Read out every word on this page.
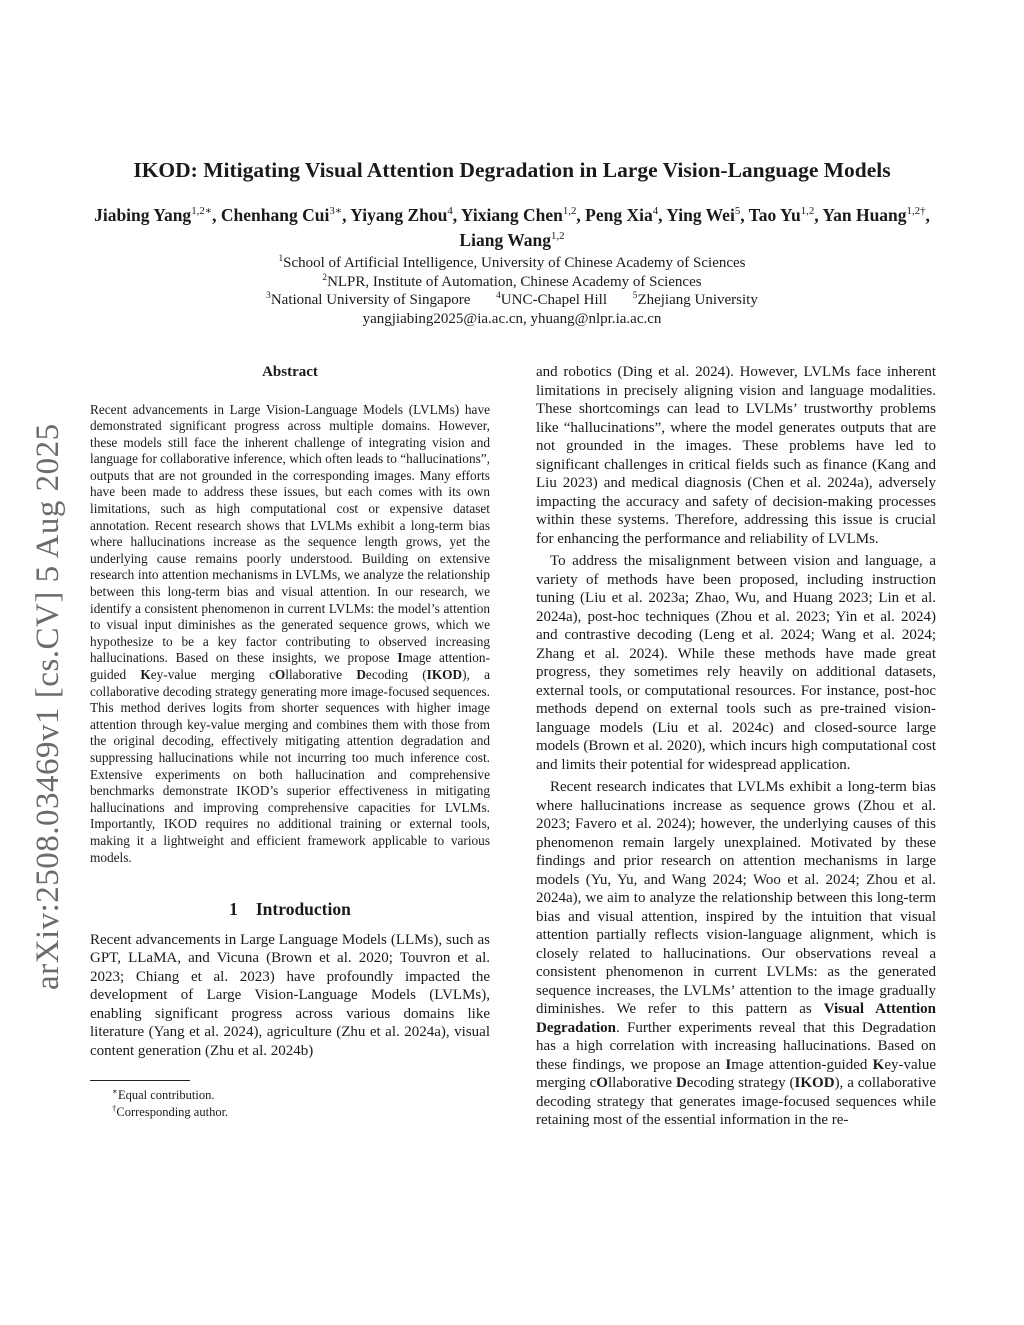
arXiv:2508.03469v1 [cs.CV] 5 Aug 2025
IKOD: Mitigating Visual Attention Degradation in Large Vision-Language Models
Jiabing Yang$^{1,2∗}$, Chenhang Cui$^{3∗}$, Yiyang Zhou$^4$, Yixiang Chen$^{1,2}$, Peng Xia$^4$, Ying Wei$^5$, Tao Yu$^{1,2}$, Yan Huang$^{1,2\dagger}$, Liang Wang$^{1,2}$
$^1$School of Artificial Intelligence, University of Chinese Academy of Sciences
$^2$NLPR, Institute of Automation, Chinese Academy of Sciences
$^3$National University of Singapore	$^4$UNC-Chapel Hill	$^5$Zhejiang University
yangjiabing2025@ia.ac.cn, yhuang@nlpr.ia.ac.cn
Abstract

Recent advancements in Large Vision-Language Models (LVLMs) have demonstrated significant progress across multiple domains. However, these models still face the inherent challenge of integrating vision and language for collaborative inference, which often leads to “hallucinations”, outputs that are not grounded in the corresponding images. Many efforts have been made to address these issues, but each comes with its own limitations, such as high computational cost or expensive dataset annotation. Recent research shows that LVLMs exhibit a long-term bias where hallucinations increase as the sequence length grows, yet the underlying cause remains poorly understood. Building on extensive research into attention mechanisms in LVLMs, we analyze the relationship between this long-term bias and visual attention. In our research, we identify a consistent phenomenon in current LVLMs: the model’s attention to visual input diminishes as the generated sequence grows, which we hypothesize to be a key factor contributing to observed increasing hallucinations. Based on these insights, we propose Image attention-guided Key-value merging cOllaborative Decoding (IKOD), a collaborative decoding strategy generating more image-focused sequences. This method derives logits from shorter sequences with higher image attention through key-value merging and combines them with those from the original decoding, effectively mitigating attention degradation and suppressing hallucinations while not incurring too much inference cost. Extensive experiments on both hallucination and comprehensive benchmarks demonstrate IKOD’s superior effectiveness in mitigating hallucinations and improving comprehensive capacities for LVLMs. Importantly, IKOD requires no additional training or external tools, making it a lightweight and efficient framework applicable to various models.

1 Introduction

Recent advancements in Large Language Models (LLMs), such as GPT, LLaMA, and Vicuna (Brown et al. 2020; Touvron et al. 2023; Chiang et al. 2023) have profoundly impacted the development of Large Vision-Language Models (LVLMs), enabling significant progress across various domains like literature (Yang et al. 2024), agriculture (Zhu et al. 2024a), visual content generation (Zhu et al. 2024b)

∗Equal contribution.
†Corresponding author.

and robotics (Ding et al. 2024). However, LVLMs face inherent limitations in precisely aligning vision and language modalities. These shortcomings can lead to LVLMs’ trustworthy problems like “hallucinations”, where the model generates outputs that are not grounded in the images. These problems have led to significant challenges in critical fields such as finance (Kang and Liu 2023) and medical diagnosis (Chen et al. 2024a), adversely impacting the accuracy and safety of decision-making processes within these systems. Therefore, addressing this issue is crucial for enhancing the performance and reliability of LVLMs.

To address the misalignment between vision and language, a variety of methods have been proposed, including instruction tuning (Liu et al. 2023a; Zhao, Wu, and Huang 2023; Lin et al. 2024a), post-hoc techniques (Zhou et al. 2023; Yin et al. 2024) and contrastive decoding (Leng et al. 2024; Wang et al. 2024; Zhang et al. 2024). While these methods have made great progress, they sometimes rely heavily on additional datasets, external tools, or computational resources. For instance, post-hoc methods depend on external tools such as pre-trained vision-language models (Liu et al. 2024c) and closed-source large models (Brown et al. 2020), which incurs high computational cost and limits their potential for widespread application.

Recent research indicates that LVLMs exhibit a long-term bias where hallucinations increase as sequence grows (Zhou et al. 2023; Favero et al. 2024); however, the underlying causes of this phenomenon remain largely unexplained. Motivated by these findings and prior research on attention mechanisms in large models (Yu, Yu, and Wang 2024; Woo et al. 2024; Zhou et al. 2024a), we aim to analyze the relationship between this long-term bias and visual attention, inspired by the intuition that visual attention partially reflects vision-language alignment, which is closely related to hallucinations. Our observations reveal a consistent phenomenon in current LVLMs: as the generated sequence increases, the LVLMs’ attention to the image gradually diminishes. We refer to this pattern as Visual Attention Degradation. Further experiments reveal that this Degradation has a high correlation with increasing hallucinations. Based on these findings, we propose an Image attention-guided Key-value merging cOllaborative Decoding strategy (IKOD), a collaborative decoding strategy that generates image-focused sequences while retaining most of the essential information in the re-
